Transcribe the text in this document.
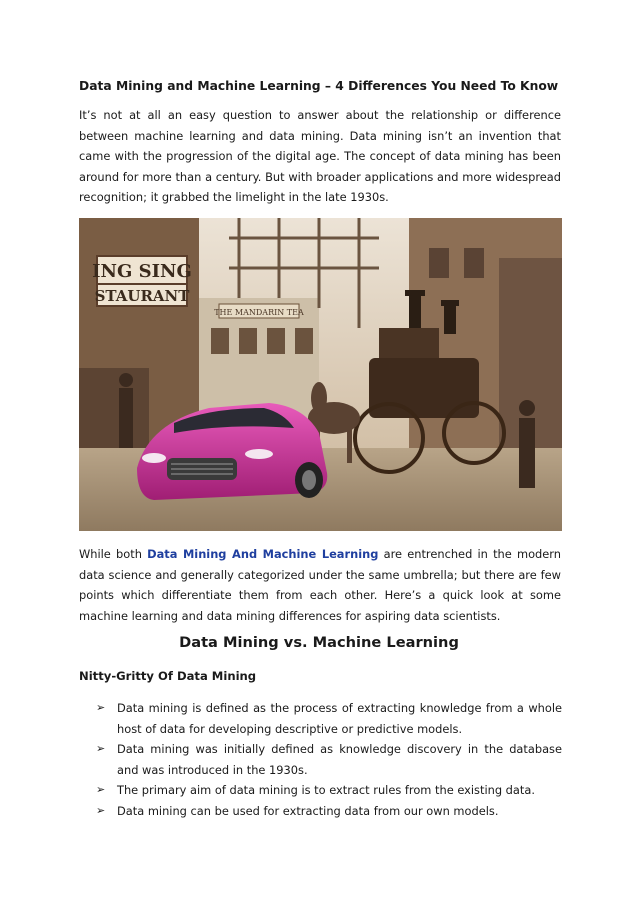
Data Mining and Machine Learning – 4 Differences You Need To Know
It’s not at all an easy question to answer about the relationship or difference between machine learning and data mining. Data mining isn’t an invention that came with the progression of the digital age. The concept of data mining has been around for more than a century. But with broader applications and more widespread recognition; it grabbed the limelight in the late 1930s.
ING SING
STAURANT
THE MANDARIN TEA
While both Data Mining And Machine Learning are entrenched in the modern data science and generally categorized under the same umbrella; but there are few points which differentiate them from each other. Here’s a quick look at some machine learning and data mining differences for aspiring data scientists.
Data Mining vs. Machine Learning
Nitty-Gritty Of Data Mining
➢ Data mining is defined as the process of extracting knowledge from a whole host of data for developing descriptive or predictive models.
➢ Data mining was initially defined as knowledge discovery in the database and was introduced in the 1930s.
➢ The primary aim of data mining is to extract rules from the existing data.
➢ Data mining can be used for extracting data from our own models.
